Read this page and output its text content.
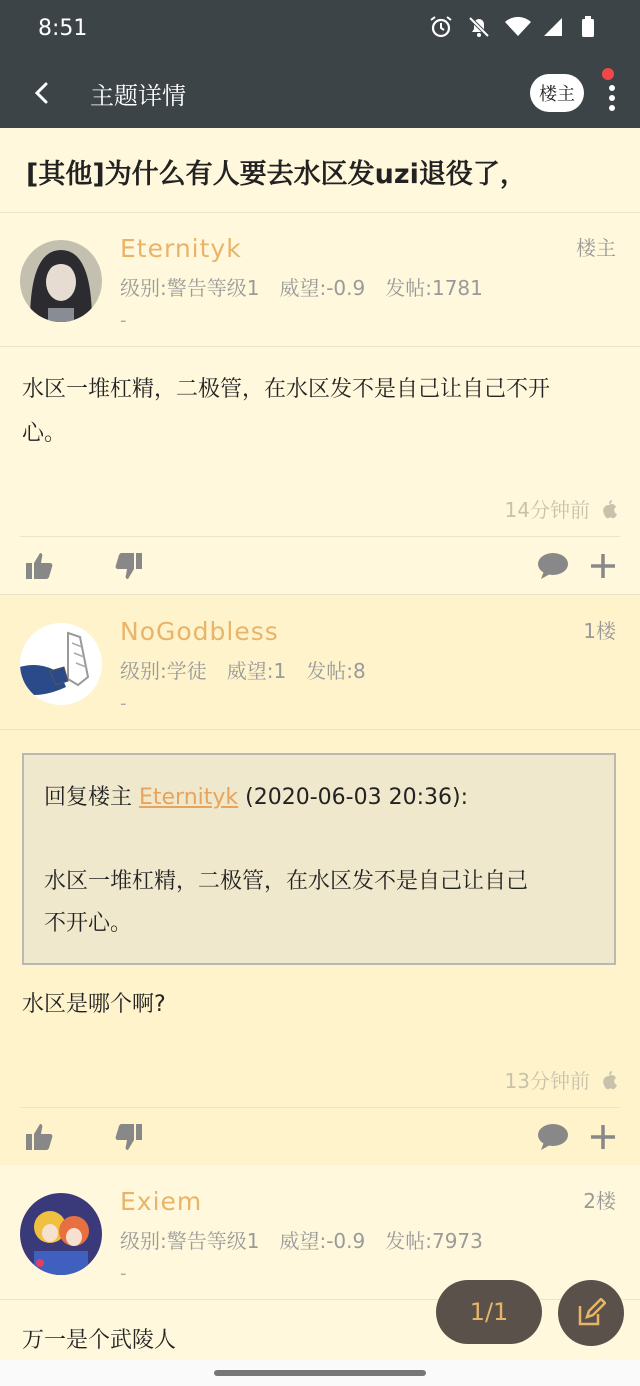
8:51
主题详情	楼主
[其他]为什么有人要去水区发uzi退役了，
Eternityk	楼主
级别:警告等级1 威望:-0.9 发帖:1781
-
水区一堆杠精，二极管，在水区发不是自己让自己不开
心。
14分钟前
NoGodbless	1楼
级别:学徒 威望:1 发帖:8
-
回复楼主 Eternityk (2020-06-03 20:36):
水区一堆杠精，二极管，在水区发不是自己让自己
不开心。
水区是哪个啊?
13分钟前
Exiem	2楼
级别:警告等级1 威望:-0.9 发帖:7973
-
万一是个武陵人
1/1
